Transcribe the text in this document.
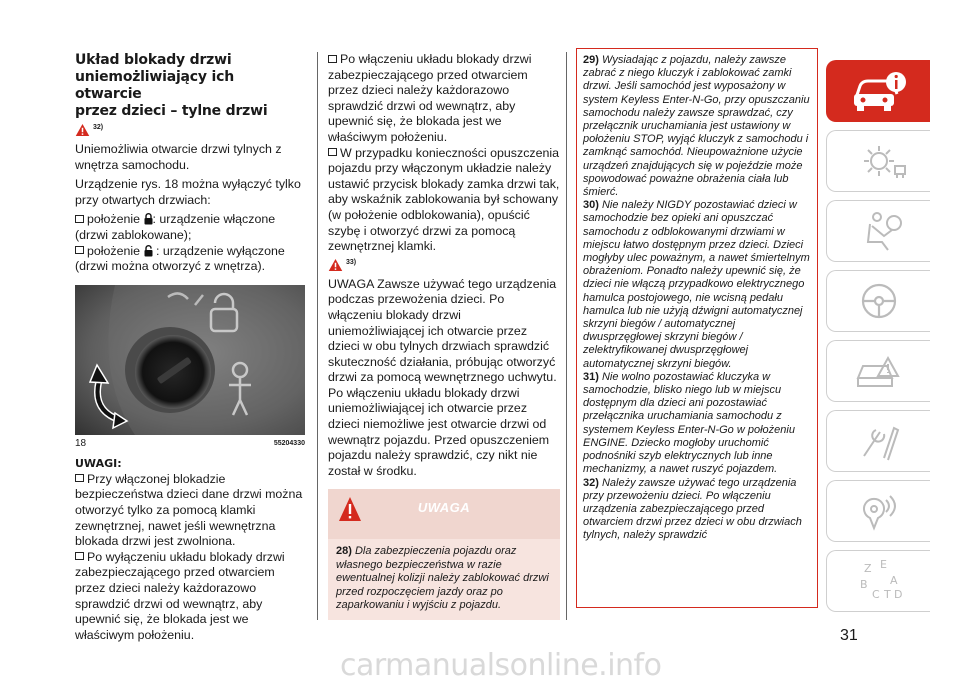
Układ blokady drzwi
uniemożliwiający ich otwarcie
przez dzieci – tylne drzwi
32)

Uniemożliwia otwarcie drzwi tylnych z wnętrza samochodu.

Urządzenie rys. 18 można wyłączyć tylko przy otwartych drzwiach:

położenie : urządzenie włączone (drzwi zablokowane);

położenie  : urządzenie wyłączone (drzwi można otworzyć z wnętrza).

18	55204330
UWAGI:

Przy włączonej blokadzie bezpieczeństwa dzieci dane drzwi można otworzyć tylko za pomocą klamki zewnętrznej, nawet jeśli wewnętrzna blokada drzwi jest zwolniona.

Po wyłączeniu układu blokady drzwi zabezpieczającego przed otwarciem przez dzieci należy każdorazowo sprawdzić drzwi od wewnątrz, aby upewnić się, że blokada jest we właściwym położeniu.

Po włączeniu układu blokady drzwi zabezpieczającego przed otwarciem przez dzieci należy każdorazowo sprawdzić drzwi od wewnątrz, aby upewnić się, że blokada jest we właściwym położeniu.

W przypadku konieczności opuszczenia pojazdu przy włączonym układzie należy ustawić przycisk blokady zamka drzwi tak, aby wskaźnik zablokowania był schowany (w położenie odblokowania), opuścić szybę i otworzyć drzwi za pomocą zewnętrznej klamki.

33)

UWAGA Zawsze używać tego urządzenia podczas przewożenia dzieci. Po włączeniu blokady drzwi uniemożliwiającej ich otwarcie przez dzieci w obu tylnych drzwiach sprawdzić skuteczność działania, próbując otworzyć drzwi za pomocą wewnętrznego uchwytu. Po włączeniu układu blokady drzwi uniemożliwiającej ich otwarcie przez dzieci niemożliwe jest otwarcie drzwi od wewnątrz pojazdu. Przed opuszczeniem pojazdu należy sprawdzić, czy nikt nie został w środku.

UWAGA
28) Dla zabezpieczenia pojazdu oraz własnego bezpieczeństwa w razie ewentualnej kolizji należy zablokować drzwi przed rozpoczęciem jazdy oraz po zaparkowaniu i wyjściu z pojazdu.

29) Wysiadając z pojazdu, należy zawsze zabrać z niego kluczyk i zablokować zamki drzwi. Jeśli samochód jest wyposażony w system Keyless Enter-N-Go, przy opuszczaniu samochodu należy zawsze sprawdzać, czy przełącznik uruchamiania jest ustawiony w położeniu STOP, wyjąć kluczyk z samochodu i zamknąć samochód. Nieupoważnione użycie urządzeń znajdujących się w pojeździe może spowodować poważne obrażenia ciała lub śmierć.

30) Nie należy NIGDY pozostawiać dzieci w samochodzie bez opieki ani opuszczać samochodu z odblokowanymi drzwiami w miejscu łatwo dostępnym przez dzieci. Dzieci mogłyby ulec poważnym, a nawet śmiertelnym obrażeniom. Ponadto należy upewnić się, że dzieci nie włączą przypadkowo elektrycznego hamulca postojowego, nie wcisną pedału hamulca lub nie użyją dźwigni automatycznej skrzyni biegów / automatycznej dwusprzęgłowej skrzyni biegów / zelektryfikowanej dwusprzęgłowej automatycznej skrzyni biegów.

31) Nie wolno pozostawiać kluczyka w samochodzie, blisko niego lub w miejscu dostępnym dla dzieci ani pozostawiać przełącznika uruchamiania samochodu z systemem Keyless Enter-N-Go w położeniu ENGINE. Dziecko mogłoby uruchomić podnośniki szyb elektrycznych lub inne mechanizmy, a nawet ruszyć pojazdem.

32) Należy zawsze używać tego urządzenia przy przewożeniu dzieci. Po włączeniu urządzenia zabezpieczającego przed otwarciem drzwi przez dzieci w obu drzwiach tylnych, należy sprawdzić

Z E
B A
C T D
31
carmanualsonline.info
